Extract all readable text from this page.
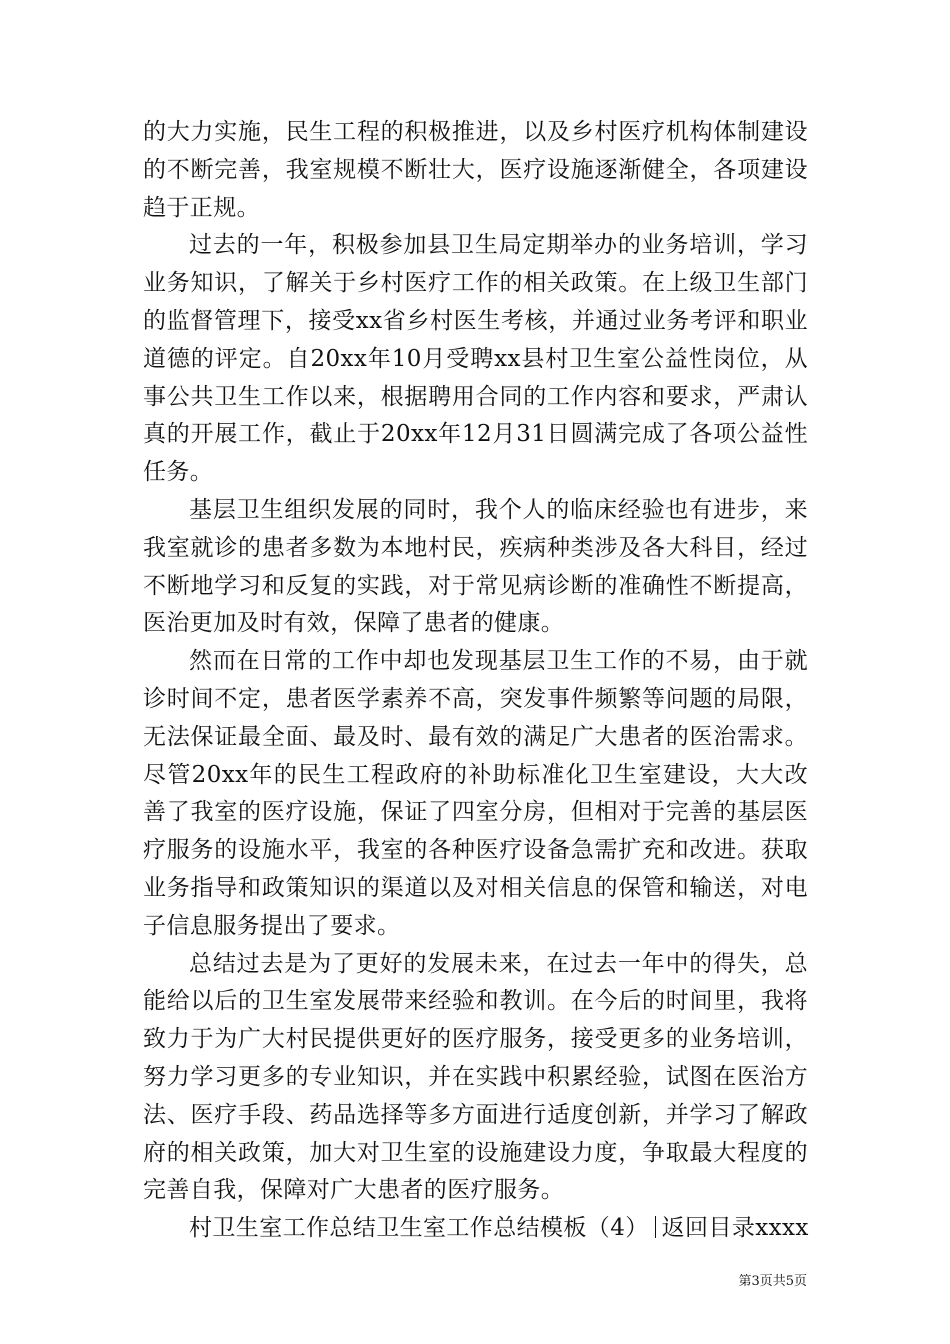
的大力实施，民生工程的积极推进，以及乡村医疗机构体制建设的不断完善，我室规模不断壮大，医疗设施逐渐健全，各项建设趋于正规。

过去的一年，积极参加县卫生局定期举办的业务培训，学习业务知识，了解关于乡村医疗工作的相关政策。在上级卫生部门的监督管理下，接受xx省乡村医生考核，并通过业务考评和职业道德的评定。自20xx年10月受聘xx县村卫生室公益性岗位，从事公共卫生工作以来，根据聘用合同的工作内容和要求，严肃认真的开展工作，截止于20xx年12月31日圆满完成了各项公益性任务。

基层卫生组织发展的同时，我个人的临床经验也有进步，来我室就诊的患者多数为本地村民，疾病种类涉及各大科目，经过不断地学习和反复的实践，对于常见病诊断的准确性不断提高，医治更加及时有效，保障了患者的健康。

然而在日常的工作中却也发现基层卫生工作的不易，由于就诊时间不定，患者医学素养不高，突发事件频繁等问题的局限，无法保证最全面、最及时、最有效的满足广大患者的医治需求。尽管20xx年的民生工程政府的补助标准化卫生室建设，大大改善了我室的医疗设施，保证了四室分房，但相对于完善的基层医疗服务的设施水平，我室的各种医疗设备急需扩充和改进。获取业务指导和政策知识的渠道以及对相关信息的保管和输送，对电子信息服务提出了要求。

总结过去是为了更好的发展未来，在过去一年中的得失，总能给以后的卫生室发展带来经验和教训。在今后的时间里，我将致力于为广大村民提供更好的医疗服务，接受更多的业务培训，努力学习更多的专业知识，并在实践中积累经验，试图在医治方法、医疗手段、药品选择等多方面进行适度创新，并学习了解政府的相关政策，加大对卫生室的设施建设力度，争取最大程度的完善自我，保障对广大患者的医疗服务。

村卫生室工作总结卫生室工作总结模板（4） 返回目录xxxx

第3页共5页
